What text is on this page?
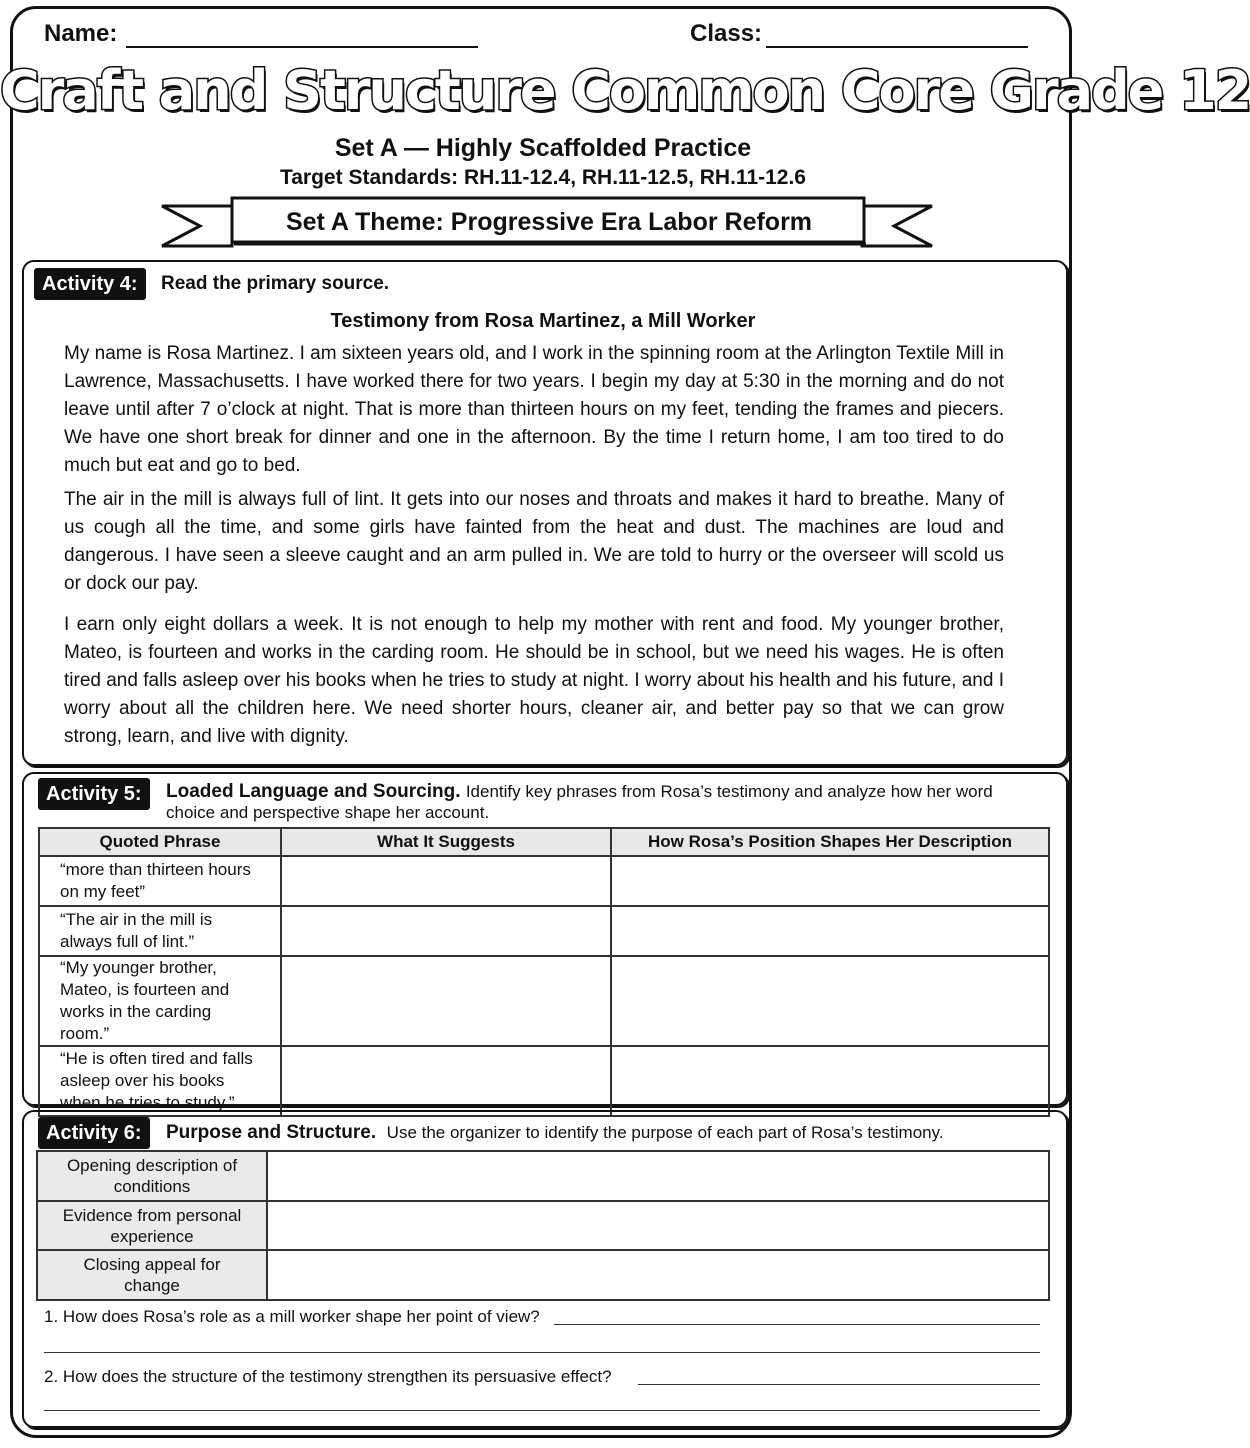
Name:	Class:
Craft and Structure Common Core Grade 12
Set A — Highly Scaffolded Practice
Target Standards: RH.11-12.4, RH.11-12.5, RH.11-12.6
Set A Theme: Progressive Era Labor Reform
Activity 4:	Read the primary source.
Testimony from Rosa Martinez, a Mill Worker
My name is Rosa Martinez. I am sixteen years old, and I work in the spinning room at the Arlington Textile Mill in Lawrence, Massachusetts. I have worked there for two years. I begin my day at 5:30 in the morning and do not leave until after 7 o’clock at night. That is more than thirteen hours on my feet, tending the frames and piecers. We have one short break for dinner and one in the afternoon. By the time I return home, I am too tired to do much but eat and go to bed.
The air in the mill is always full of lint. It gets into our noses and throats and makes it hard to breathe. Many of us cough all the time, and some girls have fainted from the heat and dust. The machines are loud and dangerous. I have seen a sleeve caught and an arm pulled in. We are told to hurry or the overseer will scold us or dock our pay.
I earn only eight dollars a week. It is not enough to help my mother with rent and food. My younger brother, Mateo, is fourteen and works in the carding room. He should be in school, but we need his wages. He is often tired and falls asleep over his books when he tries to study at night. I worry about his health and his future, and I worry about all the children here. We need shorter hours, cleaner air, and better pay so that we can grow strong, learn, and live with dignity.
Activity 5:	Loaded Language and Sourcing. Identify key phrases from Rosa’s testimony and analyze how her word choice and perspective shape her account.
Quoted Phrase	What It Suggests	How Rosa’s Position Shapes Her Description
“more than thirteen hours on my feet”		
“The air in the mill is always full of lint.”		
“My younger brother, Mateo, is fourteen and works in the carding room.”		
“He is often tired and falls asleep over his books when he tries to study.”		
Activity 6:	Purpose and Structure. Use the organizer to identify the purpose of each part of Rosa’s testimony.
Opening description of conditions	
Evidence from personal experience	
Closing appeal for change	
1. How does Rosa’s role as a mill worker shape her point of view?
2. How does the structure of the testimony strengthen its persuasive effect?
